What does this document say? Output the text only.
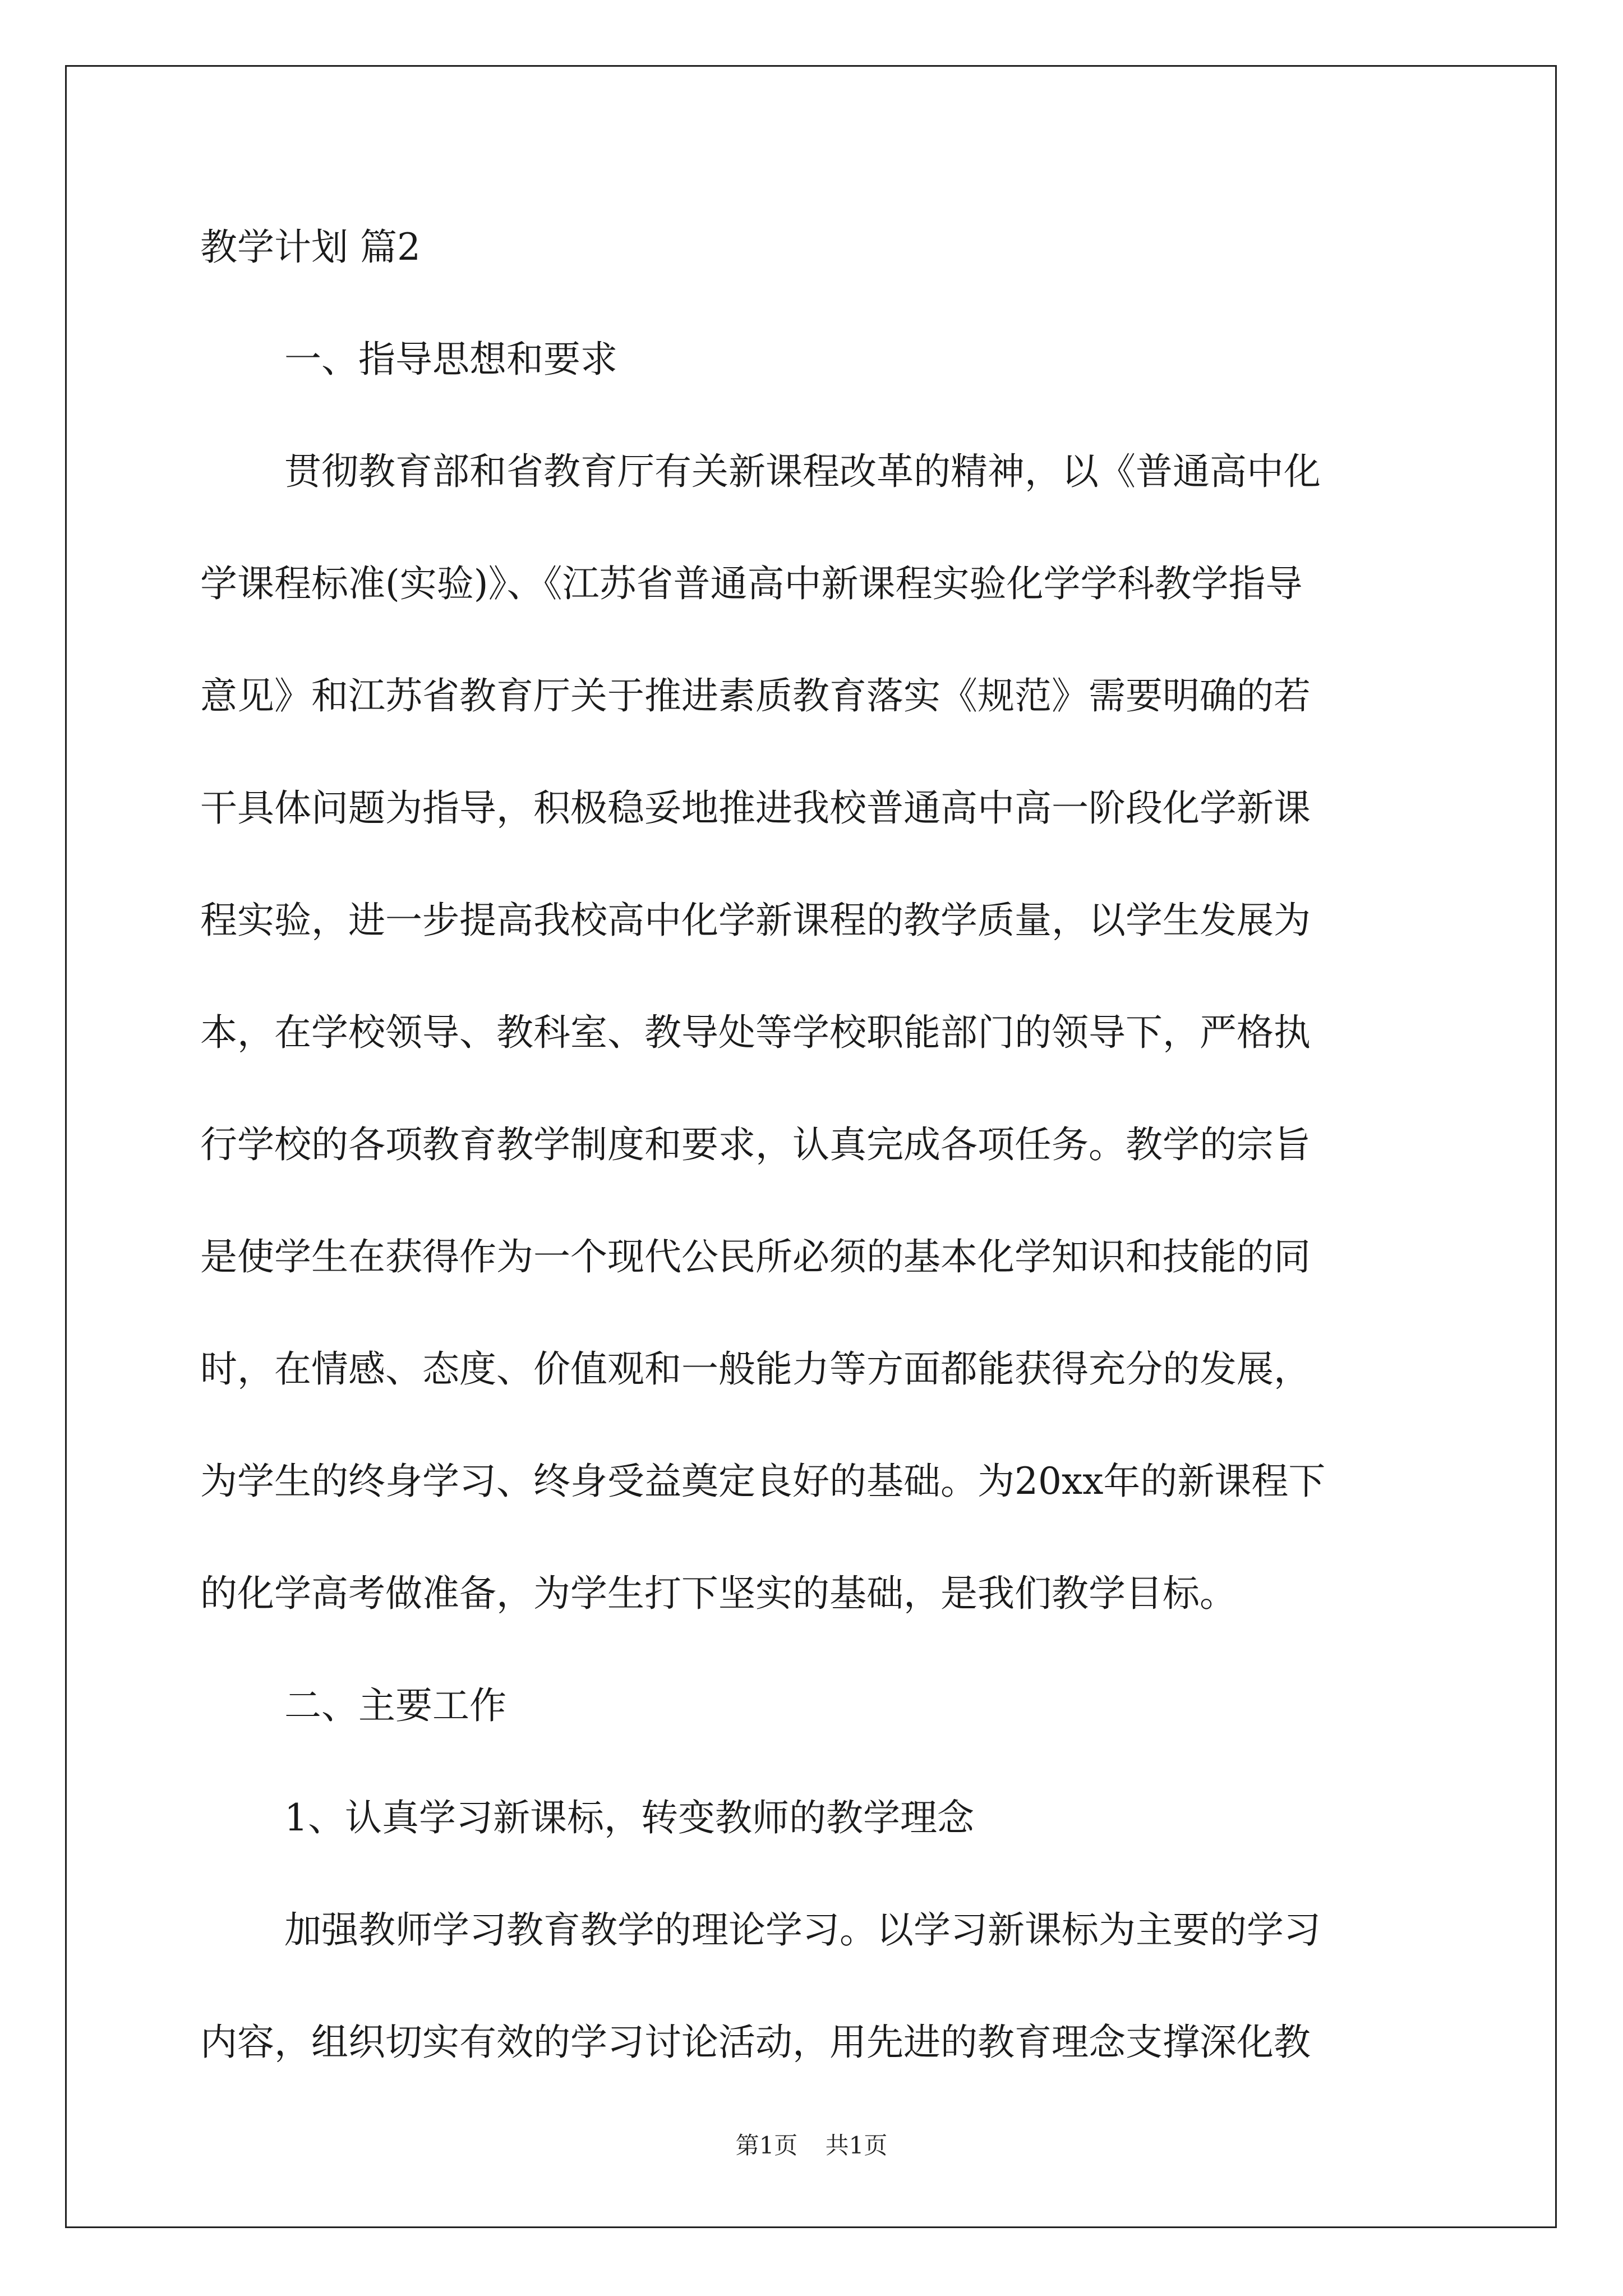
教学计划 篇2

一、指导思想和要求

贯彻教育部和省教育厅有关新课程改革的精神，以《普通高中化

学课程标准(实验)》、《江苏省普通高中新课程实验化学学科教学指导

意见》和江苏省教育厅关于推进素质教育落实《规范》需要明确的若

干具体问题为指导，积极稳妥地推进我校普通高中高一阶段化学新课

程实验，进一步提高我校高中化学新课程的教学质量，以学生发展为

本，在学校领导、教科室、教导处等学校职能部门的领导下，严格执

行学校的各项教育教学制度和要求，认真完成各项任务。教学的宗旨

是使学生在获得作为一个现代公民所必须的基本化学知识和技能的同

时，在情感、态度、价值观和一般能力等方面都能获得充分的发展，

为学生的终身学习、终身受益奠定良好的基础。为20xx年的新课程下

的化学高考做准备，为学生打下坚实的基础，是我们教学目标。

二、主要工作

1、认真学习新课标，转变教师的教学理念

加强教师学习教育教学的理论学习。以学习新课标为主要的学习

内容，组织切实有效的学习讨论活动，用先进的教育理念支撑深化教

第1页 共1页
